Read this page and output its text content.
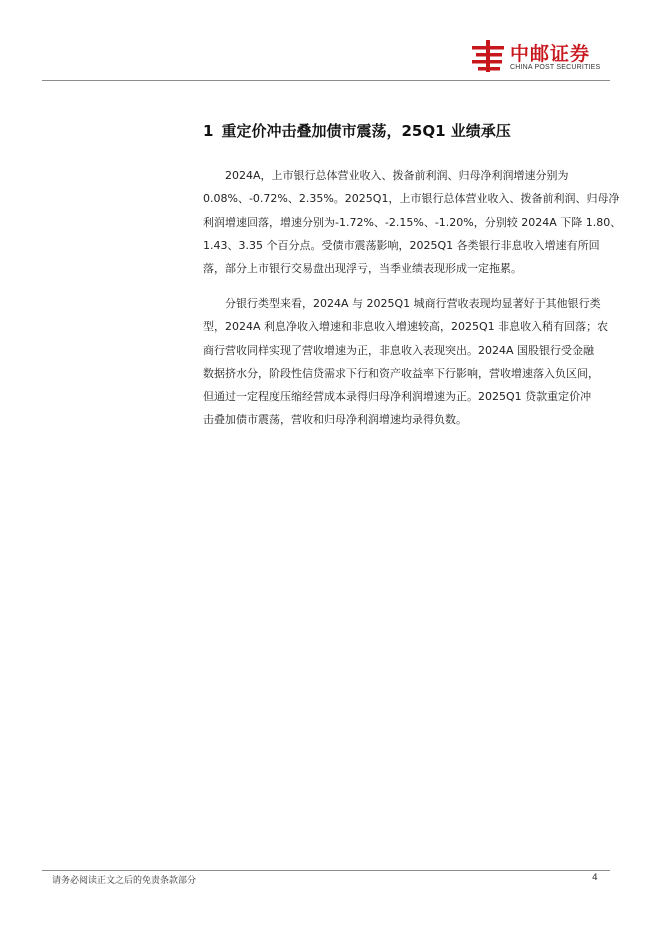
中邮证券
CHINA POST SECURITIES
1 重定价冲击叠加债市震荡，25Q1 业绩承压
2024A，上市银行总体营业收入、拨备前利润、归母净利润增速分别为
0.08%、-0.72%、2.35%。2025Q1，上市银行总体营业收入、拨备前利润、归母净
利润增速回落，增速分别为-1.72%、-2.15%、-1.20%，分别较 2024A 下降 1.80、
1.43、3.35 个百分点。受债市震荡影响，2025Q1 各类银行非息收入增速有所回
落，部分上市银行交易盘出现浮亏，当季业绩表现形成一定拖累。
分银行类型来看，2024A 与 2025Q1 城商行营收表现均显著好于其他银行类
型，2024A 利息净收入增速和非息收入增速较高，2025Q1 非息收入稍有回落；农
商行营收同样实现了营收增速为正，非息收入表现突出。2024A 国股银行受金融
数据挤水分，阶段性信贷需求下行和资产收益率下行影响，营收增速落入负区间，
但通过一定程度压缩经营成本录得归母净利润增速为正。2025Q1 贷款重定价冲
击叠加债市震荡，营收和归母净利润增速均录得负数。
请务必阅读正文之后的免责条款部分	4
